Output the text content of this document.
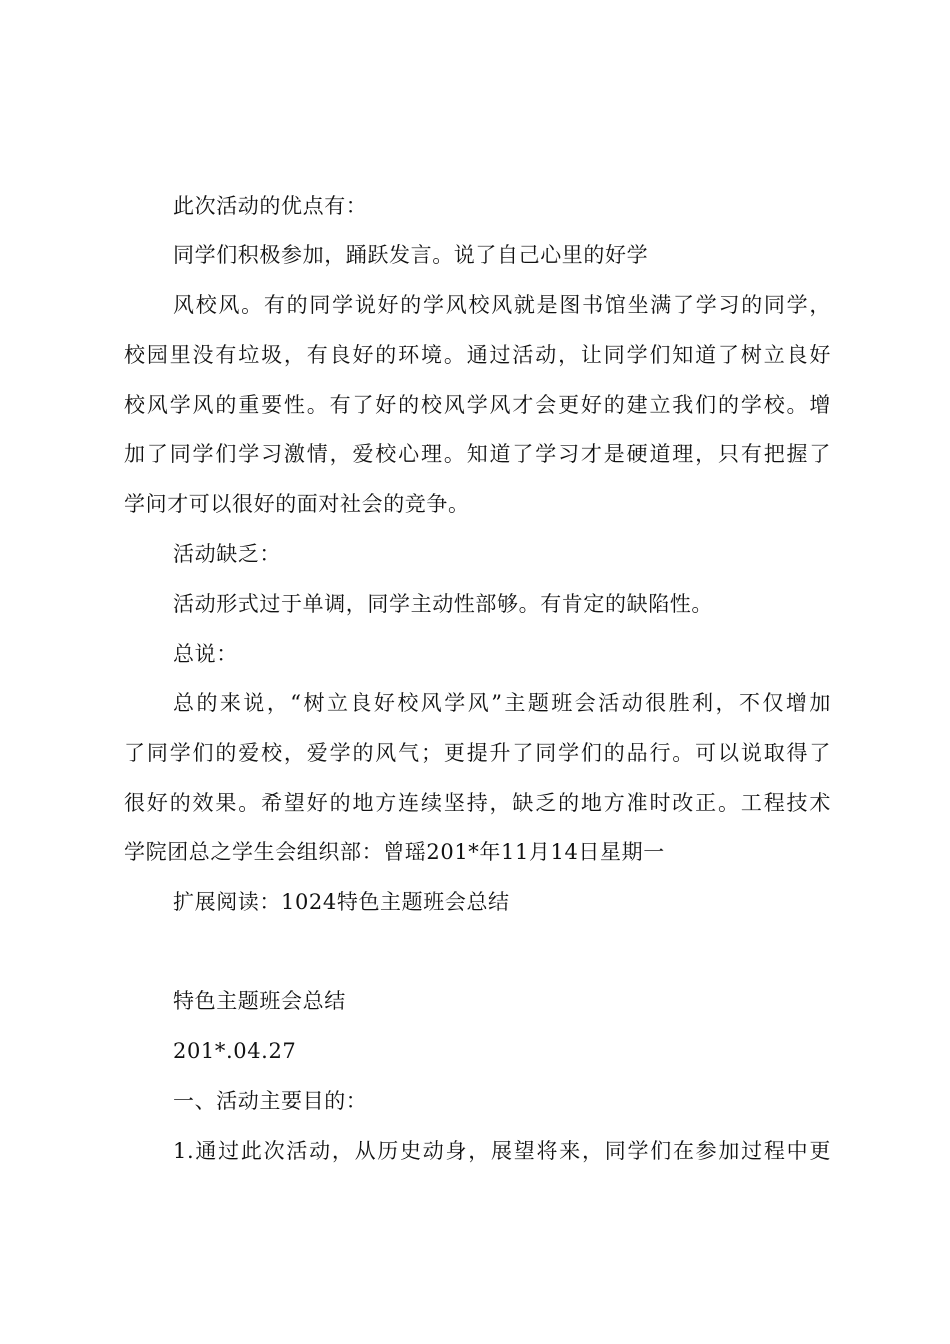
此次活动的优点有：
同学们积极参加，踊跃发言。说了自己心里的好学
风校风。有的同学说好的学风校风就是图书馆坐满了学习的同学，
校园里没有垃圾，有良好的环境。通过活动，让同学们知道了树立良好
校风学风的重要性。有了好的校风学风才会更好的建立我们的学校。增
加了同学们学习激情，爱校心理。知道了学习才是硬道理，只有把握了
学问才可以很好的面对社会的竞争。
活动缺乏：
活动形式过于单调，同学主动性部够。有肯定的缺陷性。
总说：
总的来说，“树立良好校风学风”主题班会活动很胜利，不仅增加
了同学们的爱校，爱学的风气；更提升了同学们的品行。可以说取得了
很好的效果。希望好的地方连续坚持，缺乏的地方准时改正。工程技术
学院团总之学生会组织部：曾瑶201*年11月14日星期一
扩展阅读：1024特色主题班会总结
特色主题班会总结
201*.04.27
一、活动主要目的：
1.通过此次活动，从历史动身，展望将来，同学们在参加过程中更
